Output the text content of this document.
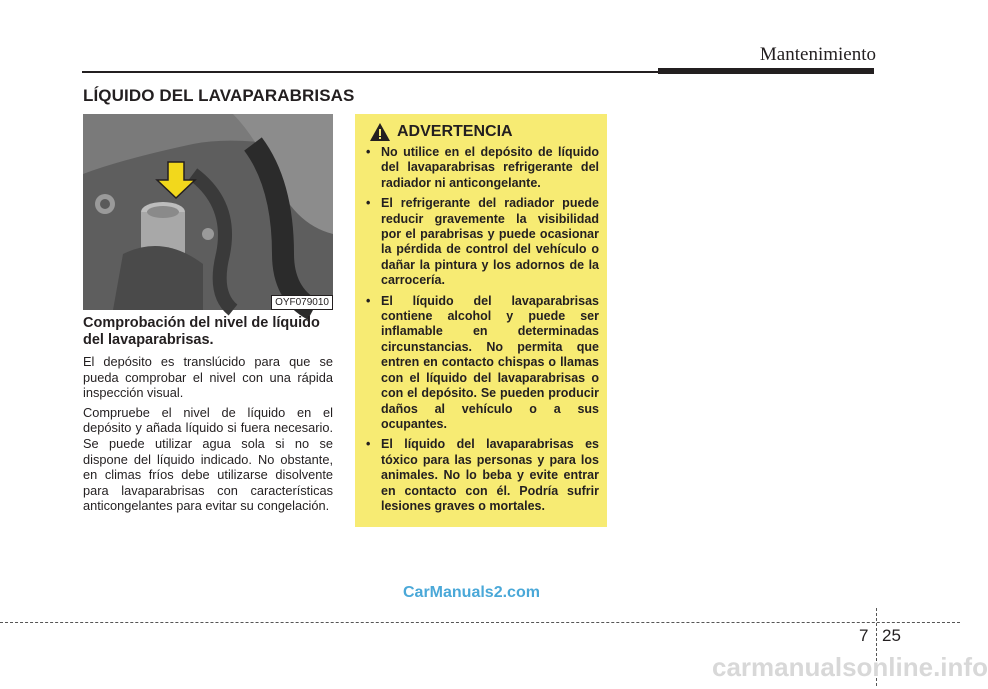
Mantenimiento
LÍQUIDO DEL LAVAPARABRISAS
OYF079010
Comprobación del nivel de líquido del lavaparabrisas.

El depósito es translúcido para que se pueda comprobar el nivel con una rápida inspección visual.

Compruebe el nivel de líquido en el depósito y añada líquido si fuera necesario. Se puede utilizar agua sola si no se dispone del líquido indicado. No obstante, en climas fríos debe utilizarse disolvente para lavaparabrisas con características anticongelantes para evitar su congelación.

ADVERTENCIA
• No utilice en el depósito de líquido del lavaparabrisas refrigerante del radiador ni anticongelante.
• El refrigerante del radiador puede reducir gravemente la visibilidad por el parabrisas y puede ocasionar la pérdida de control del vehículo o dañar la pintura y los adornos de la carrocería.
• El líquido del lavaparabrisas contiene alcohol y puede ser inflamable en determinadas circunstancias. No permita que entren en contacto chispas o llamas con el líquido del lavaparabrisas o con el depósito. Se pueden producir daños al vehículo o a sus ocupantes.
• El líquido del lavaparabrisas es tóxico para las personas y para los animales. No lo beba y evite entrar en contacto con él. Podría sufrir lesiones graves o mortales.
CarManuals2.com
7 25
carmanualsonline.info
